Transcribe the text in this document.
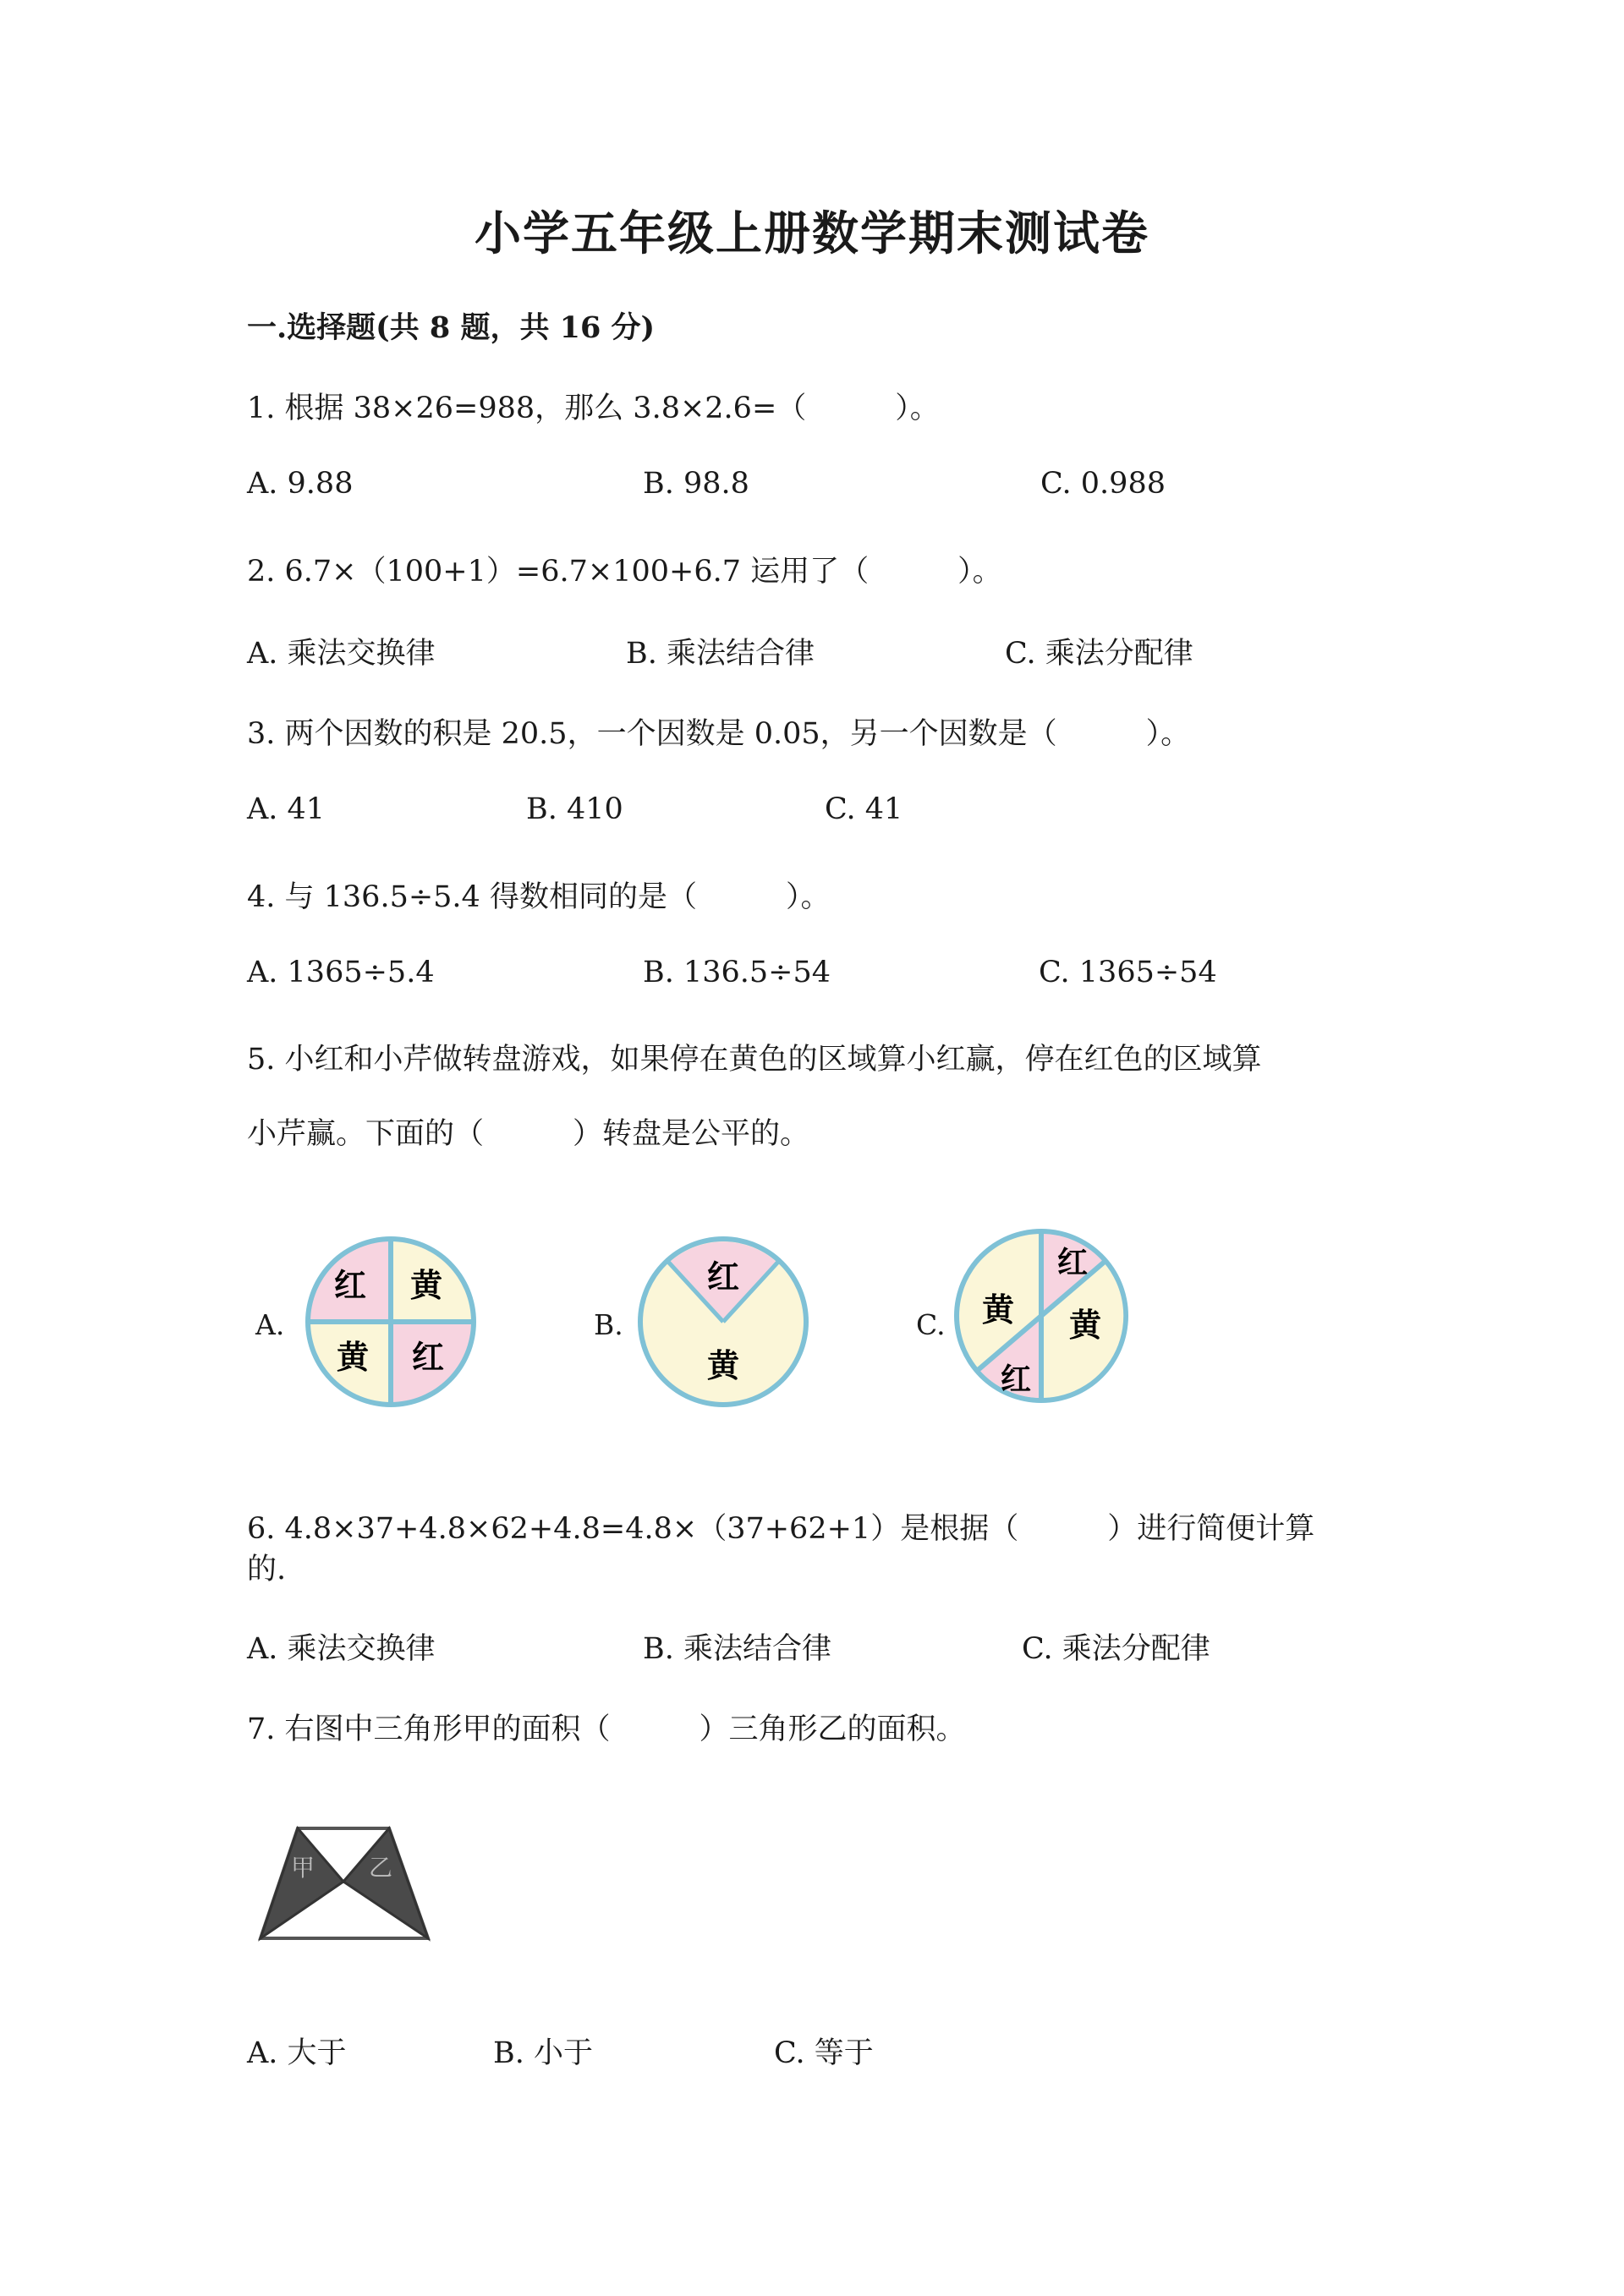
小学五年级上册数学期末测试卷
一.选择题(共 8 题，共 16 分)
1. 根据 38×26=988，那么 3.8×2.6=（　　　）。
A. 9.88	B. 98.8	C. 0.988
2. 6.7×（100+1）=6.7×100+6.7 运用了（　　　）。
A. 乘法交换律	B. 乘法结合律	C. 乘法分配律
3. 两个因数的积是 20.5，一个因数是 0.05，另一个因数是（　　　）。
A. 41	B. 410	C. 41
4. 与 136.5÷5.4 得数相同的是（　　　）。
A. 1365÷5.4	B. 136.5÷54	C. 1365÷54
5. 小红和小芹做转盘游戏，如果停在黄色的区域算小红赢，停在红色的区域算
小芹赢。下面的（　　　）转盘是公平的。
A.	B.	C.
红 黄
黄 红
红
黄
红
黄 黄
红
6. 4.8×37+4.8×62+4.8=4.8×（37+62+1）是根据（　　　）进行简便计算
的.
A. 乘法交换律	B. 乘法结合律	C. 乘法分配律
7. 右图中三角形甲的面积（　　　）三角形乙的面积。
甲 乙
A. 大于	B. 小于	C. 等于
